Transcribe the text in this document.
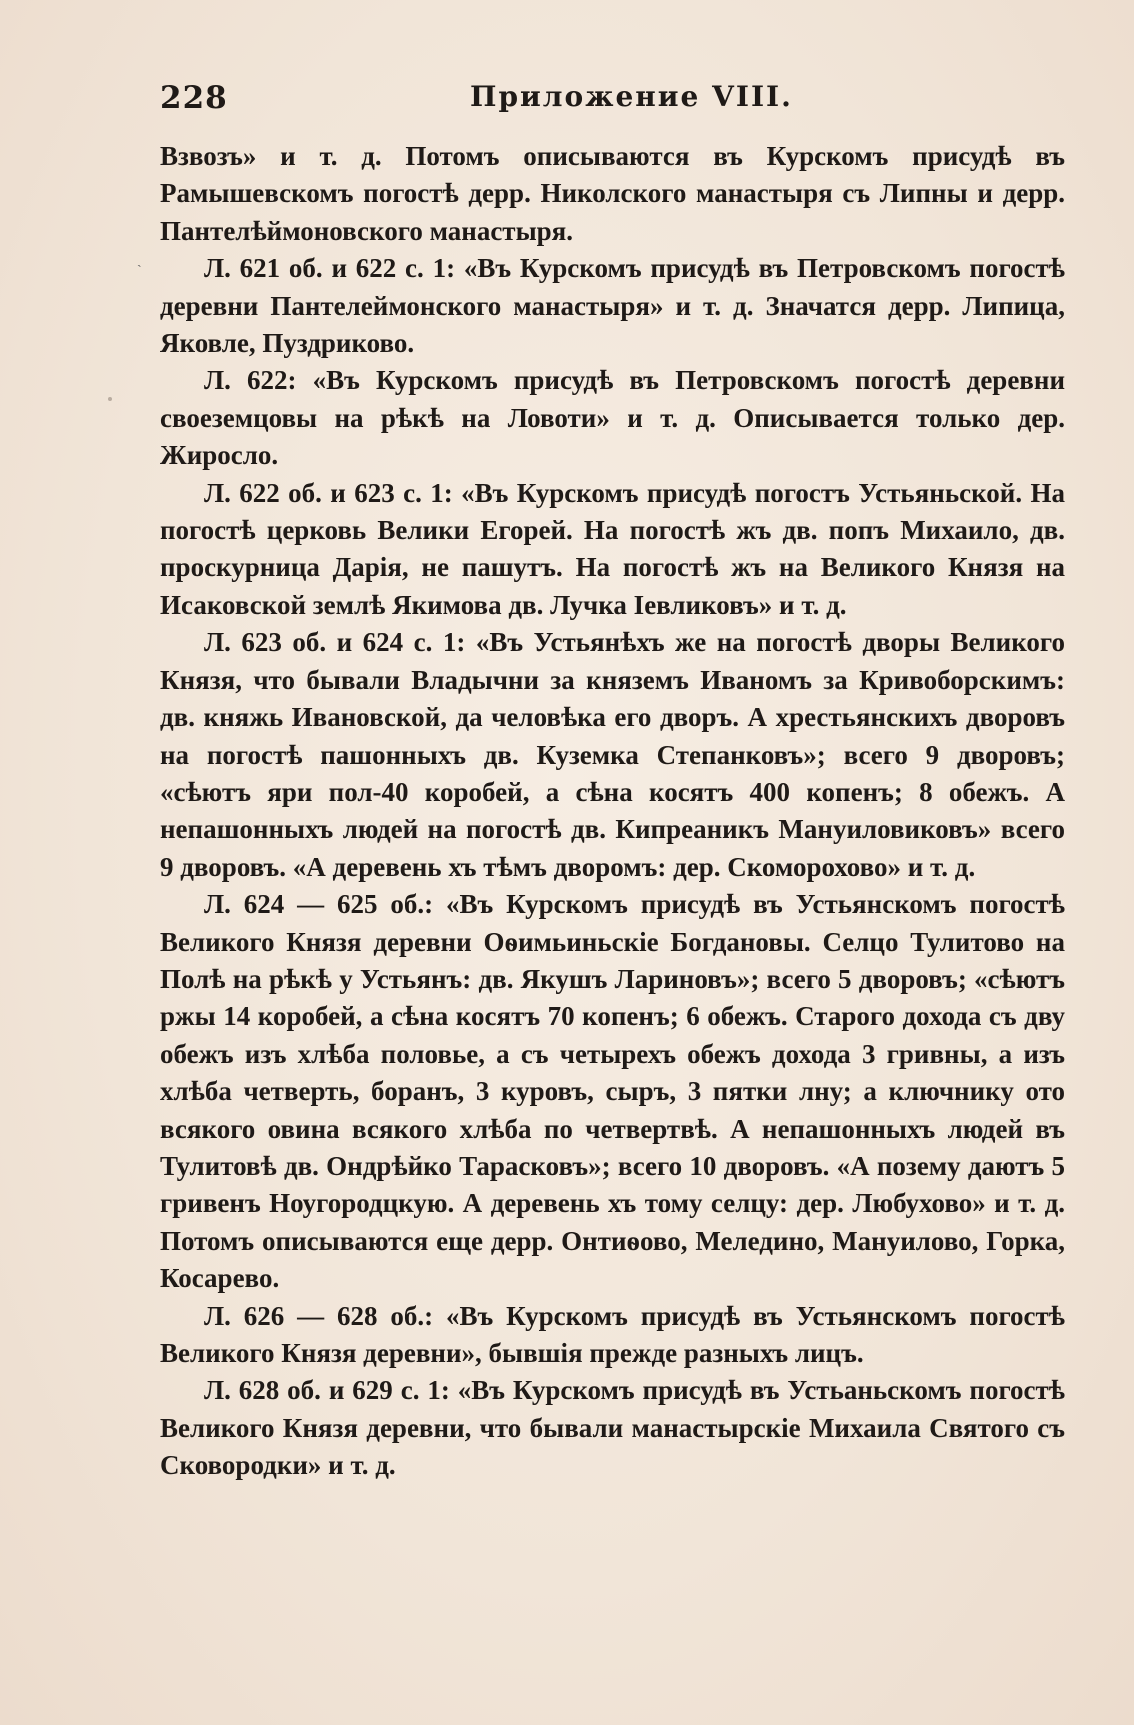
228	Приложение VIII.
ˎ

Взвозъ» и т. д. Потомъ описываются въ Курскомъ присудѣ въ Рамышевскомъ погостѣ дерр. Николского манастыря съ Липны и дерр. Пантелѣймоновского манастыря.

Л. 621 об. и 622 с. 1: «Въ Курскомъ присудѣ въ Петровскомъ погостѣ деревни Пантелеймонского манастыря» и т. д. Значатся дерр. Липица, Яковле, Пуздриково.

Л. 622: «Въ Курскомъ присудѣ въ Петровскомъ погостѣ деревни своеземцовы на рѣкѣ на Ловоти» и т. д. Описывается только дер. Жиросло.

Л. 622 об. и 623 с. 1: «Въ Курскомъ присудѣ погостъ Устьяньской. На погостѣ церковь Велики Егорей. На погостѣ жъ дв. попъ Михаило, дв. проскурница Дарія, не пашутъ. На погостѣ жъ на Великого Князя на Исаковской землѣ Якимова дв. Лучка Іевликовъ» и т. д.

Л. 623 об. и 624 с. 1: «Въ Устьянѣхъ же на погостѣ дворы Великого Князя, что бывали Владычни за княземъ Иваномъ за Кривоборскимъ: дв. княжь Ивановской, да человѣка его дворъ. А хрестьянскихъ дворовъ на погостѣ пашонныхъ дв. Куземка Степанковъ»; всего 9 дворовъ; «сѣютъ яри пол-40 коробей, а сѣна косятъ 400 копенъ; 8 обежъ. А непашонныхъ людей на погостѣ дв. Кипреаникъ Мануиловиковъ» всего 9 дворовъ. «А деревень хъ тѣмъ дворомъ: дер. Скоморохово» и т. д.

Л. 624 — 625 об.: «Въ Курскомъ присудѣ въ Устьянскомъ погостѣ Великого Князя деревни Оѳимьиньскіе Богдановы. Селцо Тулитово на Полѣ на рѣкѣ у Устьянъ: дв. Якушъ Лариновъ»; всего 5 дворовъ; «сѣютъ ржы 14 коробей, а сѣна косятъ 70 копенъ; 6 обежъ. Старого дохода съ дву обежъ изъ хлѣба половье, а съ четырехъ обежъ дохода 3 гривны, а изъ хлѣба четверть, боранъ, 3 куровъ, сыръ, 3 пятки лну; а ключнику ото всякого овина всякого хлѣба по четвертвѣ. А непашонныхъ людей въ Тулитовѣ дв. Ондрѣйко Тарасковъ»; всего 10 дворовъ. «А позему даютъ 5 гривенъ Ноугородцкую. А деревень хъ тому селцу: дер. Любухово» и т. д. Потомъ описываются еще дерр. Онтиѳово, Меледино, Мануилово, Горка, Косарево.

Л. 626 — 628 об.: «Въ Курскомъ присудѣ въ Устьянскомъ погостѣ Великого Князя деревни», бывшія прежде разныхъ лицъ.

Л. 628 об. и 629 с. 1: «Въ Курскомъ присудѣ въ Устьаньскомъ погостѣ Великого Князя деревни, что бывали манастырскіе Михаила Святого съ Сковородки» и т. д.
